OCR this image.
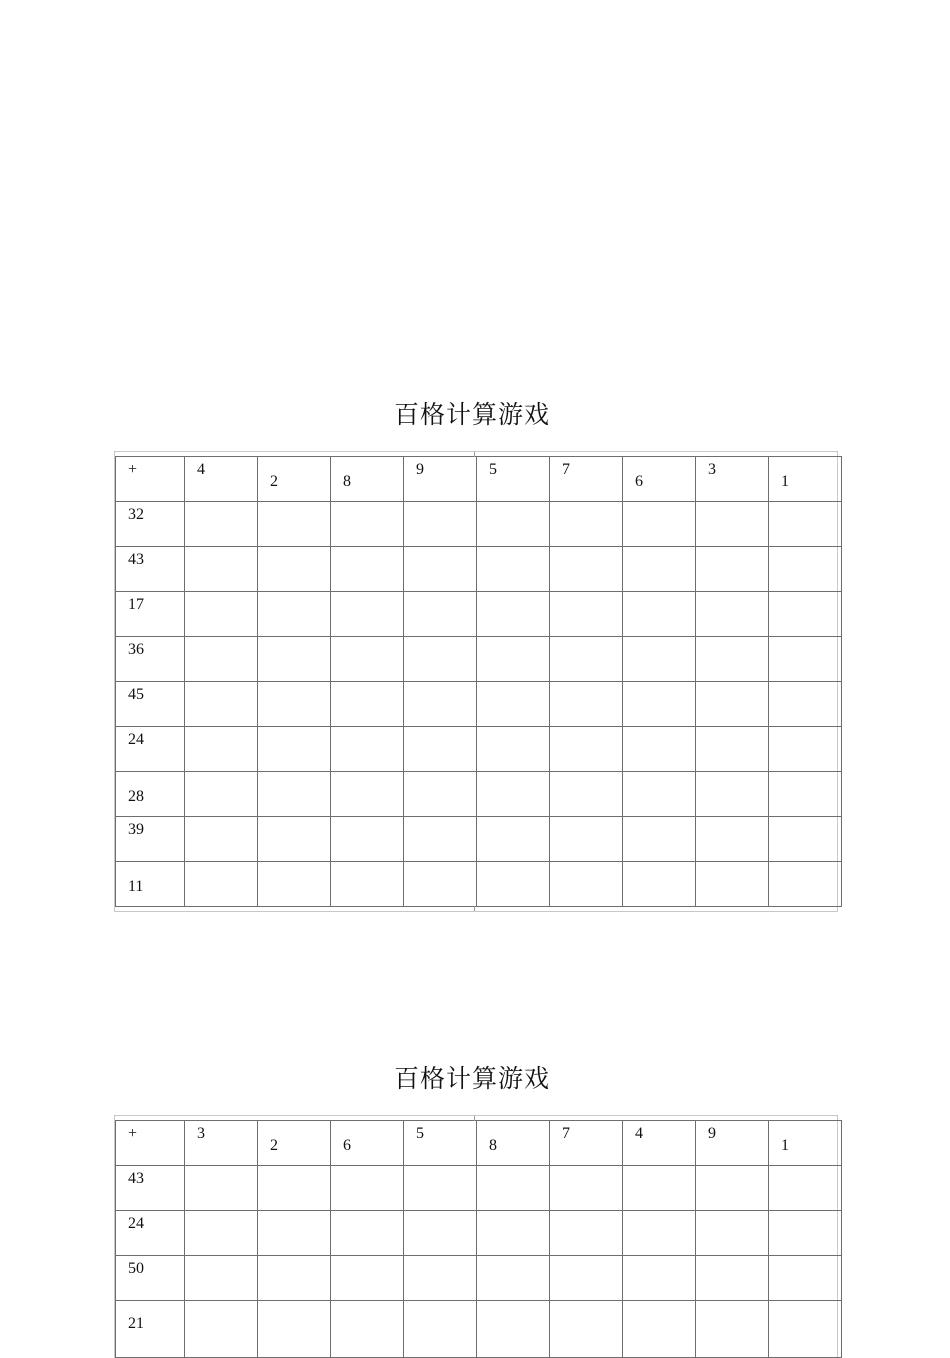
百格计算游戏
+	4	2	8	9	5	7	6	3	1

32									

43									

17									

36									

45									

24									

28									

39									

11									

百格计算游戏
+	3	2	6	5	8	7	4	9	1

43									

24									

50									

21									
